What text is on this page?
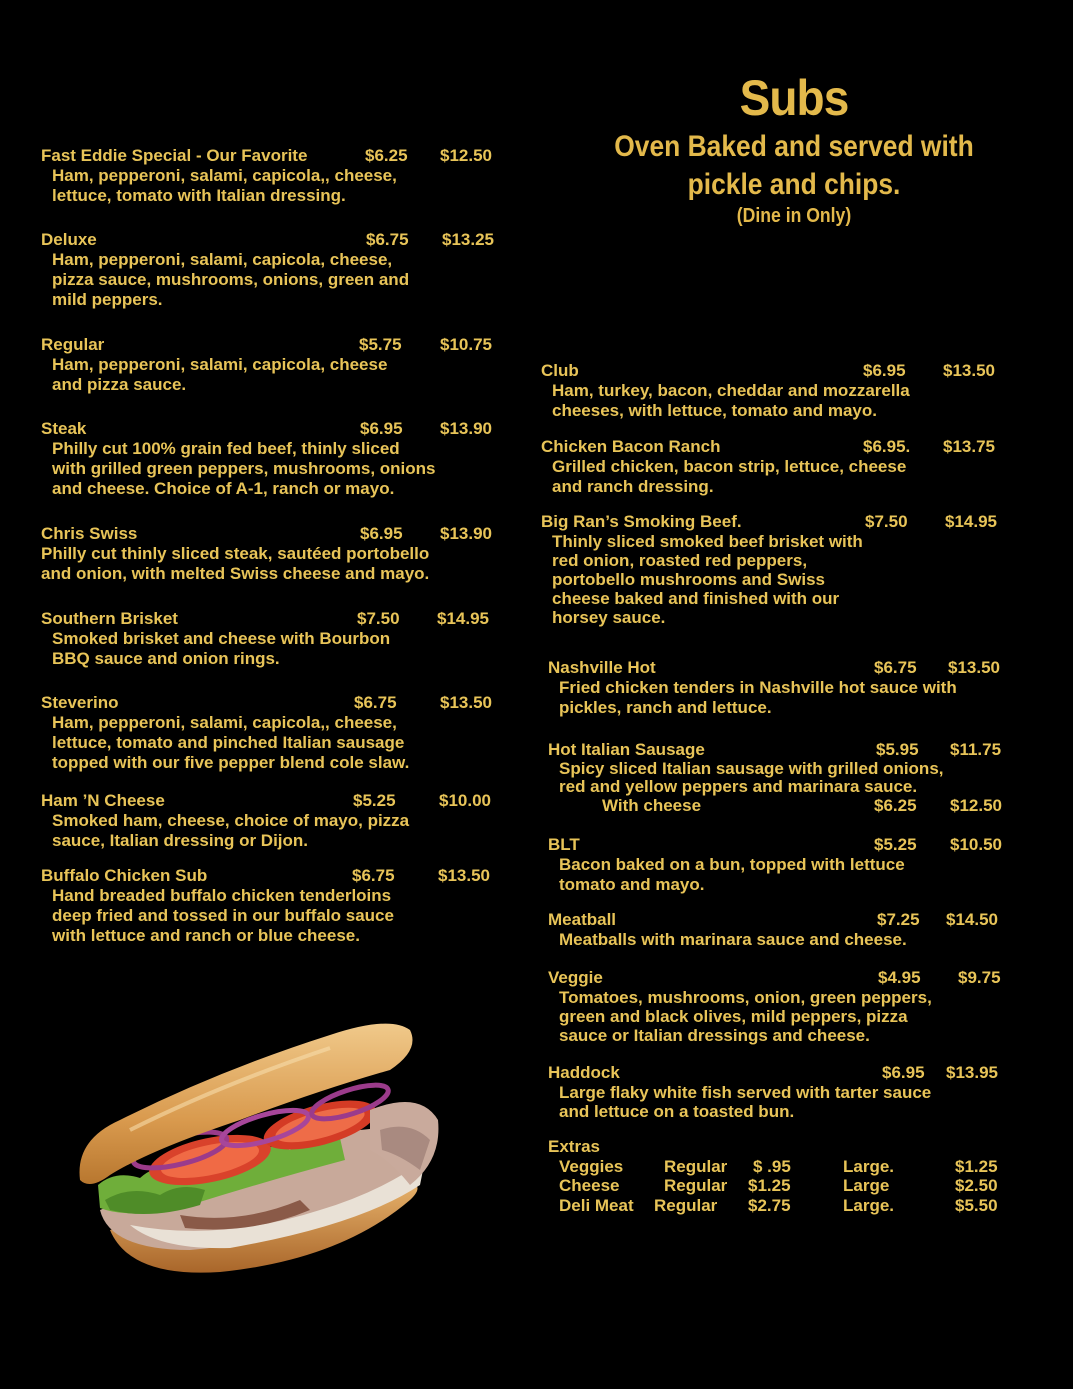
Subs
Oven Baked and served with
pickle and chips.
(Dine in Only)
Fast Eddie Special - Our Favorite	$6.25 $12.50
Ham, pepperoni, salami, capicola,, cheese,
lettuce, tomato with Italian dressing.
Deluxe	$6.75 $13.25
Ham, pepperoni, salami, capicola, cheese,
pizza sauce, mushrooms, onions, green and
mild peppers.
Regular	$5.75 $10.75
Ham, pepperoni, salami, capicola, cheese
and pizza sauce.
Steak	$6.95 $13.90
Philly cut 100% grain fed beef, thinly sliced
with grilled green peppers, mushrooms, onions
and cheese. Choice of A-1, ranch or mayo.
Chris Swiss	$6.95 $13.90
Philly cut thinly sliced steak, sautéed portobello
and onion, with melted Swiss cheese and mayo.
Southern Brisket	$7.50 $14.95
Smoked brisket and cheese with Bourbon
BBQ sauce and onion rings.
Steverino	$6.75	$13.50
Ham, pepperoni, salami, capicola,, cheese,
lettuce, tomato and pinched Italian sausage
topped with our five pepper blend cole slaw.
Ham ’N Cheese	$5.25	$10.00
Smoked ham, cheese, choice of mayo, pizza
sauce, Italian dressing or Dijon.
Buffalo Chicken Sub	$6.75	$13.50
Hand breaded buffalo chicken tenderloins
deep fried and tossed in our buffalo sauce
with lettuce and ranch or blue cheese.
Club	$6.95 $13.50
Ham, turkey, bacon, cheddar and mozzarella
cheeses, with lettuce, tomato and mayo.
Chicken Bacon Ranch	$6.95. $13.75
Grilled chicken, bacon strip, lettuce, cheese
and ranch dressing.
Big Ran’s Smoking Beef.	$7.50 $14.95
Thinly sliced smoked beef brisket with
red onion, roasted red peppers,
portobello mushrooms and Swiss
cheese baked and finished with our
horsey sauce.
Nashville Hot	$6.75 $13.50
Fried chicken tenders in Nashville hot sauce with
pickles, ranch and lettuce.
Hot Italian Sausage	$5.95 $11.75
Spicy sliced Italian sausage with grilled onions,
red and yellow peppers and marinara sauce.
With cheese	$6.25 $12.50
BLT	$5.25 $10.50
Bacon baked on a bun, topped with lettuce
tomato and mayo.
Meatball	$7.25 $14.50
Meatballs with marinara sauce and cheese.
Veggie	$4.95 $9.75
Tomatoes, mushrooms, onion, green peppers,
green and black olives, mild peppers, pizza
sauce or Italian dressings and cheese.
Haddock	$6.95 $13.95
Large flaky white fish served with tarter sauce
and lettuce on a toasted bun.
Extras
Veggies Regular $ .95	Large.	$1.25
Cheese	Regular $1.25	Large	$2.50
Deli Meat Regular $2.75	Large.	$5.50
